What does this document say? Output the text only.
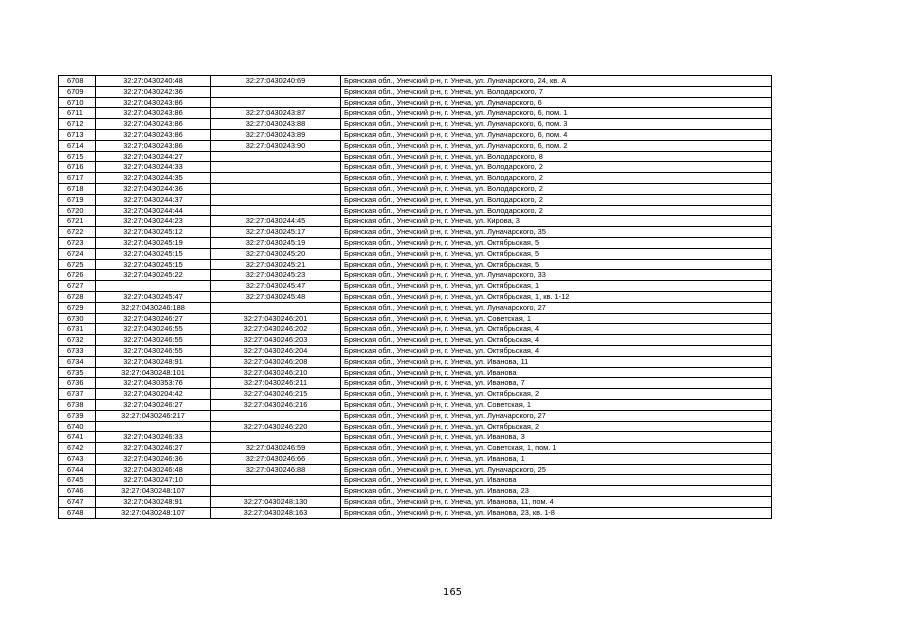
6708	32:27:0430240:48	32:27:0430240:69	Брянская обл., Унечский р-н, г. Унеча, ул. Луначарского, 24, кв. А
6709	32:27:0430242:36		Брянская обл., Унечский р-н, г. Унеча, ул. Володарского, 7
6710	32:27:0430243:86		Брянская обл., Унечский р-н, г. Унеча, ул. Луначарского, 6
6711	32:27:0430243:86	32:27:0430243:87	Брянская обл., Унечский р-н, г. Унеча, ул. Луначарского, 6, пом. 1
6712	32:27:0430243:86	32:27:0430243:88	Брянская обл., Унечский р-н, г. Унеча, ул. Луначарского, 6, пом. 3
6713	32:27:0430243:86	32:27:0430243:89	Брянская обл., Унечский р-н, г. Унеча, ул. Луначарского, 6, пом. 4
6714	32:27:0430243:86	32:27:0430243:90	Брянская обл., Унечский р-н, г. Унеча, ул. Луначарского, 6, пом. 2
6715	32:27:0430244:27		Брянская обл., Унечский р-н, г. Унеча, ул. Володарского, 8
6716	32:27:0430244:33		Брянская обл., Унечский р-н, г. Унеча, ул. Володарского, 2
6717	32:27:0430244:35		Брянская обл., Унечский р-н, г. Унеча, ул. Володарского, 2
6718	32:27:0430244:36		Брянская обл., Унечский р-н, г. Унеча, ул. Володарского, 2
6719	32:27:0430244:37		Брянская обл., Унечский р-н, г. Унеча, ул. Володарского, 2
6720	32:27:0430244:44		Брянская обл., Унечский р-н, г. Унеча, ул. Володарского, 2
6721	32:27:0430244:23	32:27:0430244:45	Брянская обл., Унечский р-н, г. Унеча, ул. Кирова, 3
6722	32:27:0430245:12	32:27:0430245:17	Брянская обл., Унечский р-н, г. Унеча, ул. Луначарского, 35
6723	32:27:0430245:19	32:27:0430245:19	Брянская обл., Унечский р-н, г. Унеча, ул. Октябрьская, 5
6724	32:27:0430245:15	32:27:0430245:20	Брянская обл., Унечский р-н, г. Унеча, ул. Октябрьская, 5
6725	32:27:0430245:15	32:27:0430245:21	Брянская обл., Унечский р-н, г. Унеча, ул. Октябрьская, 5
6726	32:27:0430245:22	32:27:0430245:23	Брянская обл., Унечский р-н, г. Унеча, ул. Луначарского, 33
6727		32:27:0430245:47	Брянская обл., Унечский р-н, г. Унеча, ул. Октябрьская, 1
6728	32:27:0430245:47	32:27:0430245:48	Брянская обл., Унечский р-н, г. Унеча, ул. Октябрьская, 1, кв. 1-12
6729	32:27:0430246:188		Брянская обл., Унечский р-н, г. Унеча, ул. Луначарского, 27
6730	32:27:0430246:27	32:27:0430246:201	Брянская обл., Унечский р-н, г. Унеча, ул. Советская, 1
6731	32:27:0430246:55	32:27:0430246:202	Брянская обл., Унечский р-н, г. Унеча, ул. Октябрьская, 4
6732	32:27:0430246:55	32:27:0430246:203	Брянская обл., Унечский р-н, г. Унеча, ул. Октябрьская, 4
6733	32:27:0430246:55	32:27:0430246:204	Брянская обл., Унечский р-н, г. Унеча, ул. Октябрьская, 4
6734	32:27:0430248:91	32:27:0430246:208	Брянская обл., Унечский р-н, г. Унеча, ул. Иванова, 11
6735	32:27:0430248:101	32:27:0430246:210	Брянская обл., Унечский р-н, г. Унеча, ул. Иванова
6736	32:27:0430353:76	32:27:0430246:211	Брянская обл., Унечский р-н, г. Унеча, ул. Иванова, 7
6737	32:27:0430204:42	32:27:0430246:215	Брянская обл., Унечский р-н, г. Унеча, ул. Октябрьская, 2
6738	32:27:0430246:27	32:27:0430246:216	Брянская обл., Унечский р-н, г. Унеча, ул. Советская, 1
6739	32:27:0430246:217		Брянская обл., Унечский р-н, г. Унеча, ул. Луначарского, 27
6740		32:27:0430246:220	Брянская обл., Унечский р-н, г. Унеча, ул. Октябрьская, 2
6741	32:27:0430246:33		Брянская обл., Унечский р-н, г. Унеча, ул. Иванова, 3
6742	32:27:0430246:27	32:27:0430246:59	Брянская обл., Унечский р-н, г. Унеча, ул. Советская, 1, пом. 1
6743	32:27:0430246:36	32:27:0430246:66	Брянская обл., Унечский р-н, г. Унеча, ул. Иванова, 1
6744	32:27:0430246:48	32:27:0430246:88	Брянская обл., Унечский р-н, г. Унеча, ул. Луначарского, 25
6745	32:27:0430247:10		Брянская обл., Унечский р-н, г. Унеча, ул. Иванова
6746	32:27:0430248:107		Брянская обл., Унечский р-н, г. Унеча, ул. Иванова, 23
6747	32:27:0430248:91	32:27:0430248:130	Брянская обл., Унечский р-н, г. Унеча, ул. Иванова, 11, пом. 4
6748	32:27:0430248:107	32:27:0430248:163	Брянская обл., Унечский р-н, г. Унеча, ул. Иванова, 23, кв. 1-8
165
